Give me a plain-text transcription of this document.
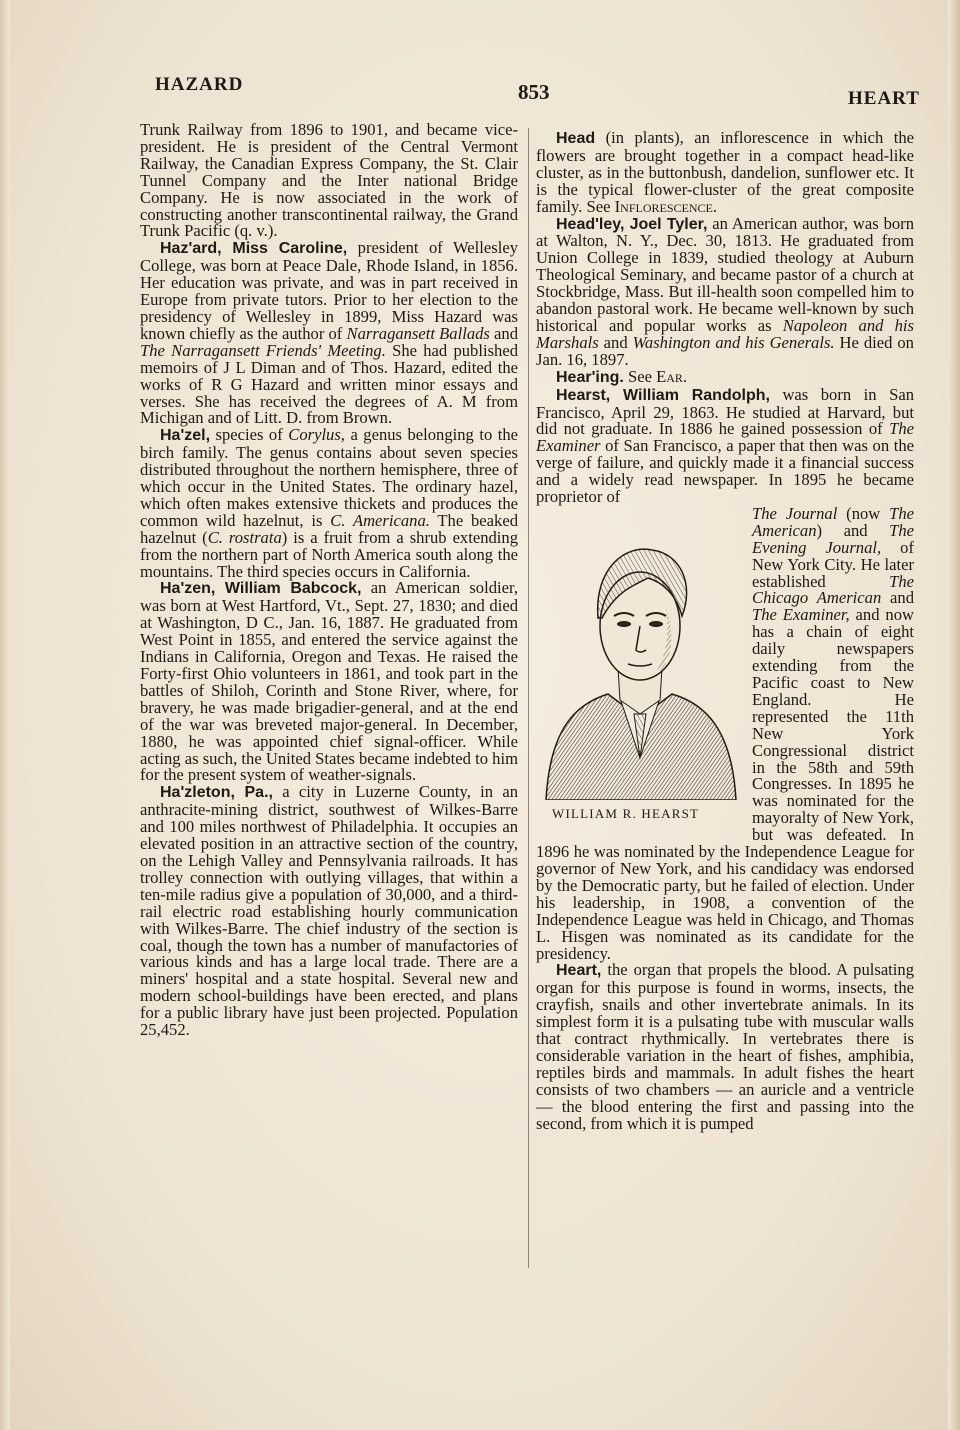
HAZARD	853	HEART

Trunk Railway from 1896 to 1901, and became vice-president. He is president of the Central Vermont Railway, the Canadian Express Company, the St. Clair Tunnel Company and the Inter national Bridge Company. He is now associated in the work of constructing another transcontinental railway, the Grand Trunk Pacific (q. v.).

Haz'ard, Miss Caroline, president of Wellesley College, was born at Peace Dale, Rhode Island, in 1856. Her education was private, and was in part received in Europe from private tutors. Prior to her election to the presidency of Wellesley in 1899, Miss Hazard was known chiefly as the author of Narragansett Ballads and The Narragansett Friends' Meeting. She had published memoirs of J L Diman and of Thos. Hazard, edited the works of R G Hazard and written minor essays and verses. She has received the degrees of A. M from Michigan and of Litt. D. from Brown.

Ha'zel, species of Corylus, a genus belonging to the birch family. The genus contains about seven species distributed throughout the northern hemisphere, three of which occur in the United States. The ordinary hazel, which often makes extensive thickets and produces the common wild hazelnut, is C. Americana. The beaked hazelnut (C. rostrata) is a fruit from a shrub extending from the northern part of North America south along the mountains. The third species occurs in California.

Ha'zen, William Babcock, an American soldier, was born at West Hartford, Vt., Sept. 27, 1830; and died at Washington, D C., Jan. 16, 1887. He graduated from West Point in 1855, and entered the service against the Indians in California, Oregon and Texas. He raised the Forty-first Ohio volunteers in 1861, and took part in the battles of Shiloh, Corinth and Stone River, where, for bravery, he was made brigadier-general, and at the end of the war was breveted major-general. In December, 1880, he was appointed chief signal-officer. While acting as such, the United States became indebted to him for the present system of weather-signals.

Ha'zleton, Pa., a city in Luzerne County, in an anthracite-mining district, southwest of Wilkes-Barre and 100 miles northwest of Philadelphia. It occupies an elevated position in an attractive section of the country, on the Lehigh Valley and Pennsylvania railroads. It has trolley connection with outlying villages, that within a ten-mile radius give a population of 30,000, and a third-rail electric road establishing hourly communication with Wilkes-Barre. The chief industry of the section is coal, though the town has a number of manufactories of various kinds and has a large local trade. There are a miners' hospital and a state hospital. Several new and modern school-buildings have been erected, and plans for a public library have just been projected. Population 25,452.

Head (in plants), an inflorescence in which the flowers are brought together in a compact head-like cluster, as in the buttonbush, dandelion, sunflower etc. It is the typical flower-cluster of the great composite family. See Inflorescence.

Head'ley, Joel Tyler, an American author, was born at Walton, N. Y., Dec. 30, 1813. He graduated from Union College in 1839, studied theology at Auburn Theological Seminary, and became pastor of a church at Stockbridge, Mass. But ill-health soon compelled him to abandon pastoral work. He became well-known by such historical and popular works as Napoleon and his Marshals and Washington and his Generals. He died on Jan. 16, 1897.

Hear'ing. See Ear.

Hearst, William Randolph, was born in San Francisco, April 29, 1863. He studied at Harvard, but did not graduate. In 1886 he gained possession of The Examiner of San Francisco, a paper that then was on the verge of failure, and quickly made it a financial success and a widely read newspaper. In 1895 he became proprietor of

WILLIAM R. HEARST

The Journal (now The American) and The Evening Journal, of New York City. He later established The Chicago American and The Examiner, and now has a chain of eight daily newspapers extending from the Pacific coast to New England. He represented the 11th New York Congressional district in the 58th and 59th Congresses. In 1895 he was nominated for the mayoralty of New York, but was defeated. In 1896 he was nominated by the Independence League for governor of New York, and his candidacy was endorsed by the Democratic party, but he failed of election. Under his leadership, in 1908, a convention of the Independence League was held in Chicago, and Thomas L. Hisgen was nominated as its candidate for the presidency.

Heart, the organ that propels the blood. A pulsating organ for this purpose is found in worms, insects, the crayfish, snails and other invertebrate animals. In its simplest form it is a pulsating tube with muscular walls that contract rhythmically. In vertebrates there is considerable variation in the heart of fishes, amphibia, reptiles birds and mammals. In adult fishes the heart consists of two chambers — an auricle and a ventricle — the blood entering the first and passing into the second, from which it is pumped
